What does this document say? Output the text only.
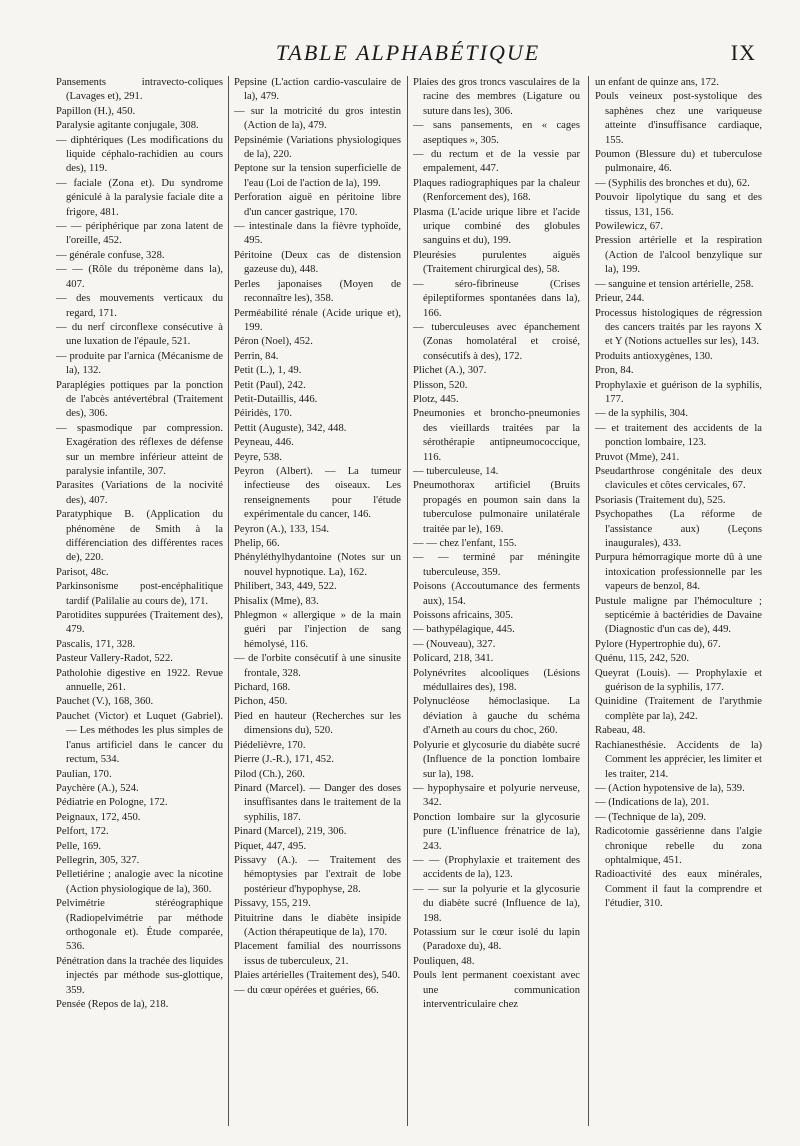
TABLE ALPHABÉTIQUE	IX
Pansements intravecto-coliques (Lavages et), 291.
Papillon (H.), 450.
Paralysie agitante conjugale, 308.
— diphtériques (Les modifications du liquide céphalo-rachidien au cours des), 119.
— faciale (Zona et). Du syndrome géniculé à la paralysie faciale dite a frigore, 481.
— — périphérique par zona latent de l'oreille, 452.
— générale confuse, 328.
— — (Rôle du tréponème dans la), 407.
— des mouvements verticaux du regard, 171.
— du nerf circonflexe consécutive à une luxation de l'épaule, 521.
— produite par l'arnica (Mécanisme de la), 132.
Paraplégies pottiques par la ponction de l'abcès antévertébral (Traitement des), 306.
— spasmodique par compression. Exagération des réflexes de défense sur un membre inférieur atteint de paralysie infantile, 307.
Parasites (Variations de la nocivité des), 407.
Paratyphique B. (Application du phénomène de Smith à la différenciation des différentes races de), 220.
Parisot, 48c.
Parkinsonisme post-encéphalitique tardif (Palilalie au cours de), 171.
Parotidites suppurées (Traitement des), 479.
Pascalis, 171, 328.
Pasteur Vallery-Radot, 522.
Patholohie digestive en 1922. Revue annuelle, 261.
Pauchet (V.), 168, 360.
Pauchet (Victor) et Luquet (Gabriel). — Les méthodes les plus simples de l'anus artificiel dans le cancer du rectum, 534.
Paulian, 170.
Paychère (A.), 524.
Pédiatrie en Pologne, 172.
Peignaux, 172, 450.
Pelfort, 172.
Pelle, 169.
Pellegrin, 305, 327.
Pelletiérine ; analogie avec la nicotine (Action physiologique de la), 360.
Pelvimétrie stéréographique (Radiopelvimétrie par méthode orthogonale et). Étude comparée, 536.
Pénétration dans la trachée des liquides injectés par méthode sus-glottique, 359.
Pensée (Repos de la), 218.
Pepsine (L'action cardio-vasculaire de la), 479.
— sur la motricité du gros intestin (Action de la), 479.
Pepsinémie (Variations physiologiques de la), 220.
Peptone sur la tension superficielle de l'eau (Loi de l'action de la), 199.
Perforation aiguë en péritoine libre d'un cancer gastrique, 170.
— intestinale dans la fièvre typhoïde, 495.
Péritoine (Deux cas de distension gazeuse du), 448.
Perles japonaises (Moyen de reconnaître les), 358.
Perméabilité rénale (Acide urique et), 199.
Péron (Noel), 452.
Perrin, 84.
Petit (L.), 1, 49.
Petit (Paul), 242.
Petit-Dutaillis, 446.
Péiridès, 170.
Pettit (Auguste), 342, 448.
Peyneau, 446.
Peyre, 538.
Peyron (Albert). — La tumeur infectieuse des oiseaux. Les renseignements pour l'étude expérimentale du cancer, 146.
Peyron (A.), 133, 154.
Phelip, 66.
Phényléthylhydantoine (Notes sur un nouvel hypnotique. La), 162.
Philibert, 343, 449, 522.
Phisalix (Mme), 83.
Phlegmon « allergique » de la main guéri par l'injection de sang hémolysé, 116.
— de l'orbite consécutif à une sinusite frontale, 328.
Pichard, 168.
Pichon, 450.
Pied en hauteur (Recherches sur les dimensions du), 520.
Piédelièvre, 170.
Pierre (J.-R.), 171, 452.
Pilod (Ch.), 260.
Pinard (Marcel). — Danger des doses insuffisantes dans le traitement de la syphilis, 187.
Pinard (Marcel), 219, 306.
Piquet, 447, 495.
Pissavy (A.). — Traitement des hémoptysies par l'extrait de lobe postérieur d'hypophyse, 28.
Pissavy, 155, 219.
Pituitrine dans le diabète insipide (Action thérapeutique de la), 170.
Placement familial des nourrissons issus de tuberculeux, 21.
Plaies artérielles (Traitement des), 540.
— du cœur opérées et guéries, 66.
Plaies des gros troncs vasculaires de la racine des membres (Ligature ou suture dans les), 306.
— sans pansements, en « cages aseptiques », 305.
— du rectum et de la vessie par empalement, 447.
Plaques radiographiques par la chaleur (Renforcement des), 168.
Plasma (L'acide urique libre et l'acide urique combiné des globules sanguins et du), 199.
Pleurésies purulentes aiguës (Traitement chirurgical des), 58.
— séro-fibrineuse (Crises épileptiformes spontanées dans la), 166.
— tuberculeuses avec épanchement (Zonas homolatéral et croisé, consécutifs à des), 172.
Plichet (A.), 307.
Plisson, 520.
Plotz, 445.
Pneumonies et broncho-pneumonies des vieillards traitées par la sérothérapie antipneumococcique, 116.
— tuberculeuse, 14.
Pneumothorax artificiel (Bruits propagés en poumon sain dans la tuberculose pulmonaire unilatérale traitée par le), 169.
— — chez l'enfant, 155.
— — terminé par méningite tuberculeuse, 359.
Poisons (Accoutumance des ferments aux), 154.
Poissons africains, 305.
— bathypélagique, 445.
— (Nouveau), 327.
Policard, 218, 341.
Polynévrites alcooliques (Lésions médullaires des), 198.
Polynucléose hémoclasique. La déviation à gauche du schéma d'Arneth au cours du choc, 260.
Polyurie et glycosurie du diabète sucré (Influence de la ponction lombaire sur la), 198.
— hypophysaire et polyurie nerveuse, 342.
Ponction lombaire sur la glycosurie pure (L'influence frénatrice de la), 243.
— — (Prophylaxie et traitement des accidents de la), 123.
— — sur la polyurie et la glycosurie du diabète sucré (Influence de la), 198.
Potassium sur le cœur isolé du lapin (Paradoxe du), 48.
Pouliquen, 48.
Pouls lent permanent coexistant avec une communication interventriculaire chez
un enfant de quinze ans, 172.
Pouls veineux post-systolique des saphènes chez une variqueuse atteinte d'insuffisance cardiaque, 155.
Poumon (Blessure du) et tuberculose pulmonaire, 46.
— (Syphilis des bronches et du), 62.
Pouvoir lipolytique du sang et des tissus, 131, 156.
Powilewicz, 67.
Pression artérielle et la respiration (Action de l'alcool benzylique sur la), 199.
— sanguine et tension artérielle, 258.
Prieur, 244.
Processus histologiques de régression des cancers traités par les rayons X et Y (Notions actuelles sur les), 143.
Produits antioxygènes, 130.
Pron, 84.
Prophylaxie et guérison de la syphilis, 177.
— de la syphilis, 304.
— et traitement des accidents de la ponction lombaire, 123.
Pruvot (Mme), 241.
Pseudarthrose congénitale des deux clavicules et côtes cervicales, 67.
Psoriasis (Traitement du), 525.
Psychopathes (La réforme de l'assistance aux) (Leçons inaugurales), 433.
Purpura hémorragique morte dû à une intoxication professionnelle par les vapeurs de benzol, 84.
Pustule maligne par l'hémoculture ; septicémie à bactéridies de Davaine (Diagnostic d'un cas de), 449.
Pylore (Hypertrophie du), 67.
Quénu, 115, 242, 520.
Queyrat (Louis). — Prophylaxie et guérison de la syphilis, 177.
Quinidine (Traitement de l'arythmie complète par la), 242.
Rabeau, 48.
Rachianesthésie. Accidents de la) Comment les apprécier, les limiter et les traiter, 214.
— (Action hypotensive de la), 539.
— (Indications de la), 201.
— (Technique de la), 209.
Radicotomie gassérienne dans l'algie chronique rebelle du zona ophtalmique, 451.
Radioactivité des eaux minérales, Comment il faut la comprendre et l'étudier, 310.
